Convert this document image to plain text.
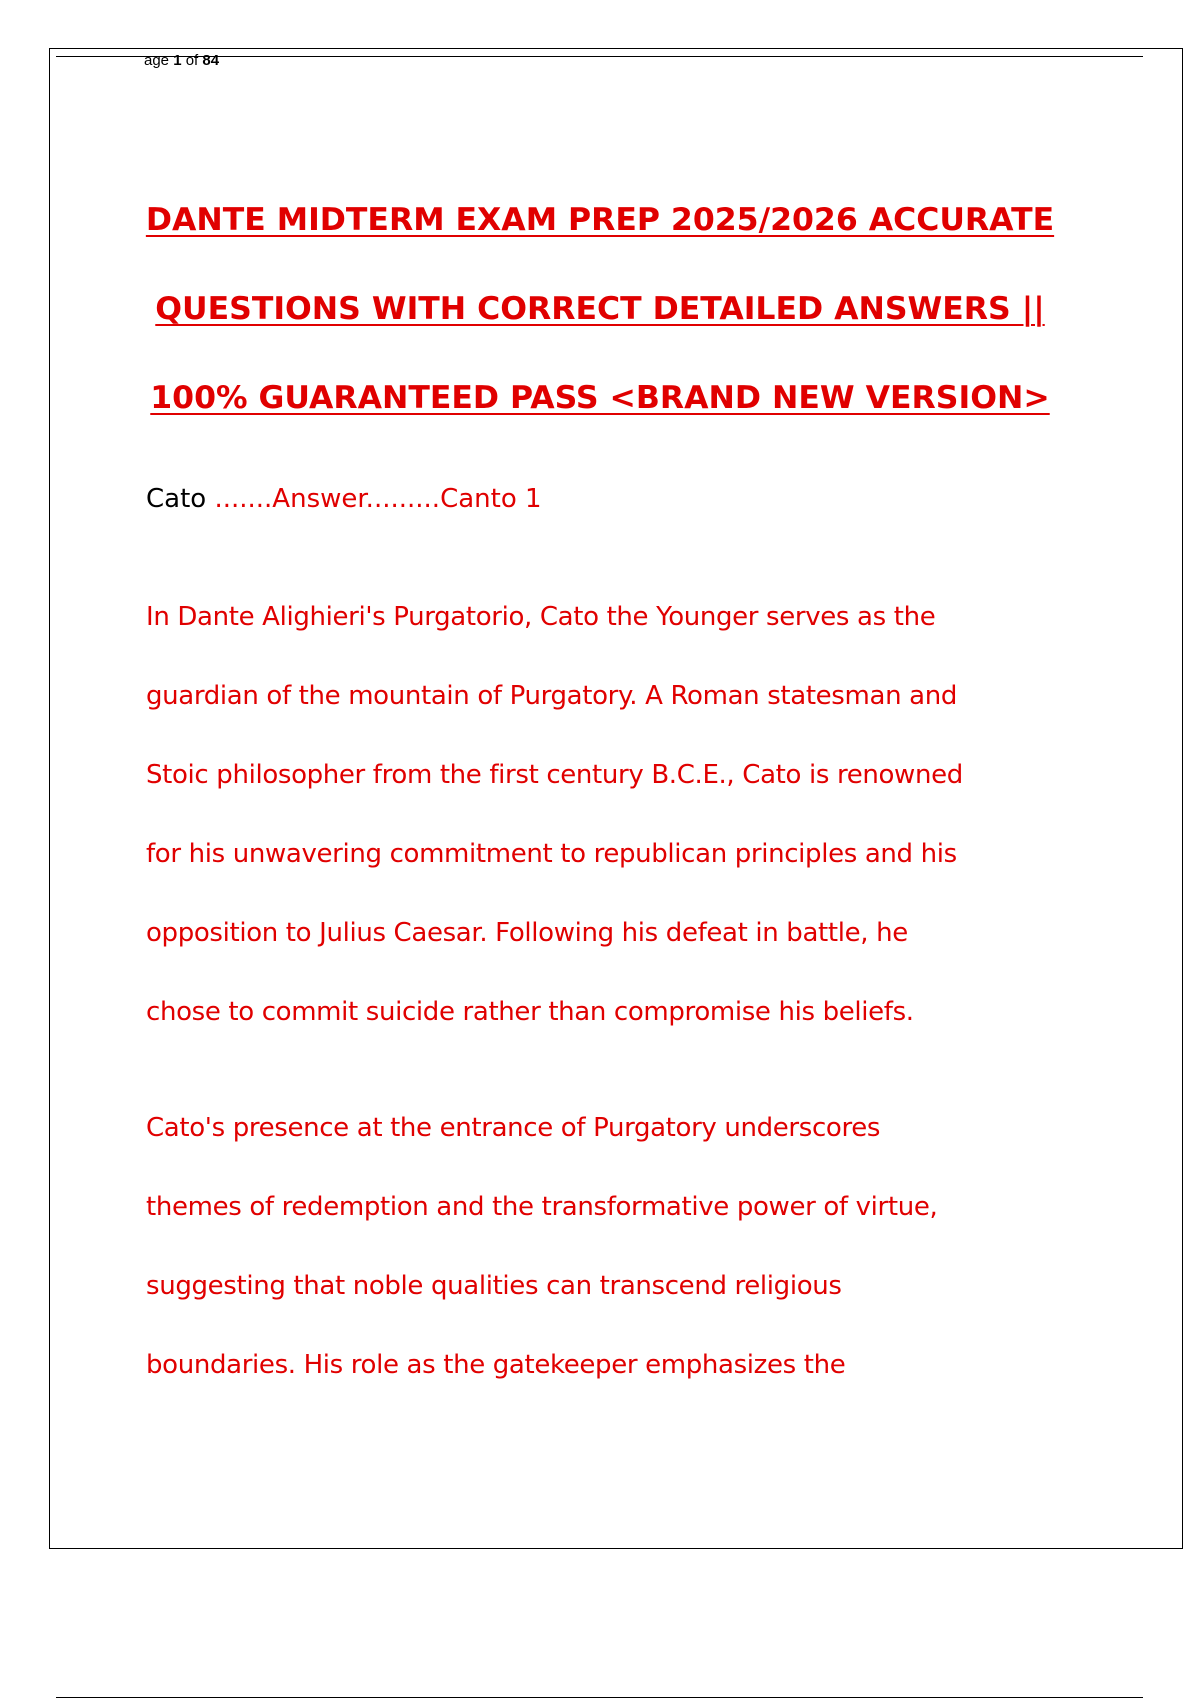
age 1 of 84
DANTE MIDTERM EXAM PREP 2025/2026 ACCURATE
QUESTIONS WITH CORRECT DETAILED ANSWERS ||
100% GUARANTEED PASS <BRAND NEW VERSION>
Cato .......Answer.........Canto 1
In Dante Alighieri's Purgatorio, Cato the Younger serves as the
guardian of the mountain of Purgatory. A Roman statesman and
Stoic philosopher from the first century B.C.E., Cato is renowned
for his unwavering commitment to republican principles and his
opposition to Julius Caesar. Following his defeat in battle, he
chose to commit suicide rather than compromise his beliefs.
Cato's presence at the entrance of Purgatory underscores
themes of redemption and the transformative power of virtue,
suggesting that noble qualities can transcend religious
boundaries. His role as the gatekeeper emphasizes the
